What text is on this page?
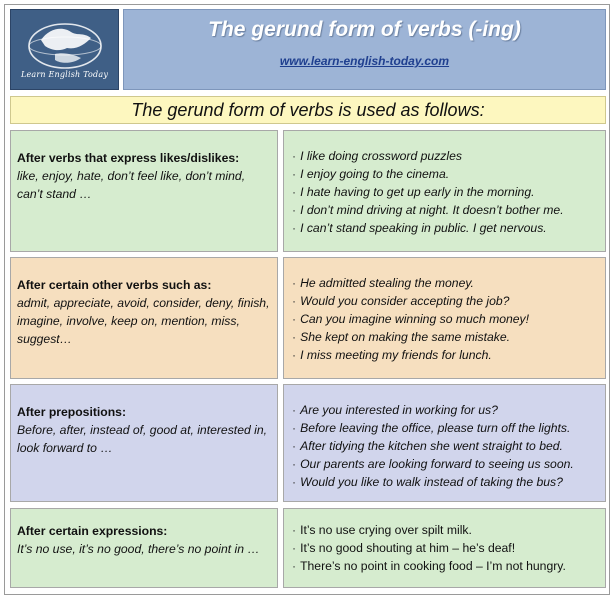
Learn English Today
The gerund form of verbs (-ing)
www.learn-english-today.com
The gerund form of verbs is used as follows:
After verbs that express likes/dislikes:
like, enjoy, hate, don’t feel like, don’t mind, can’t stand …
· I like doing crossword puzzles
· I enjoy going to the cinema.
· I hate having to get up early in the morning.
· I don’t mind driving at night. It doesn’t bother me.
· I can’t stand speaking in public. I get nervous.
After certain other verbs such as:
admit, appreciate, avoid, consider, deny, finish, imagine, involve, keep on, mention, miss, suggest…
· He admitted stealing the money.
· Would you consider accepting the job?
· Can you imagine winning so much money!
· She kept on making the same mistake.
· I miss meeting my friends for lunch.
After prepositions:
Before, after, instead of, good at, interested in, look forward to …
· Are you interested in working for us?
· Before leaving the office, please turn off the lights.
· After tidying the kitchen she went straight to bed.
· Our parents are looking forward to seeing us soon.
· Would you like to walk instead of taking the bus?
After certain expressions:
It’s no use, it’s no good, there’s no point in …
· It’s no use crying over spilt milk.
· It’s no good shouting at him – he’s deaf!
· There’s no point in cooking food – I’m not hungry.
